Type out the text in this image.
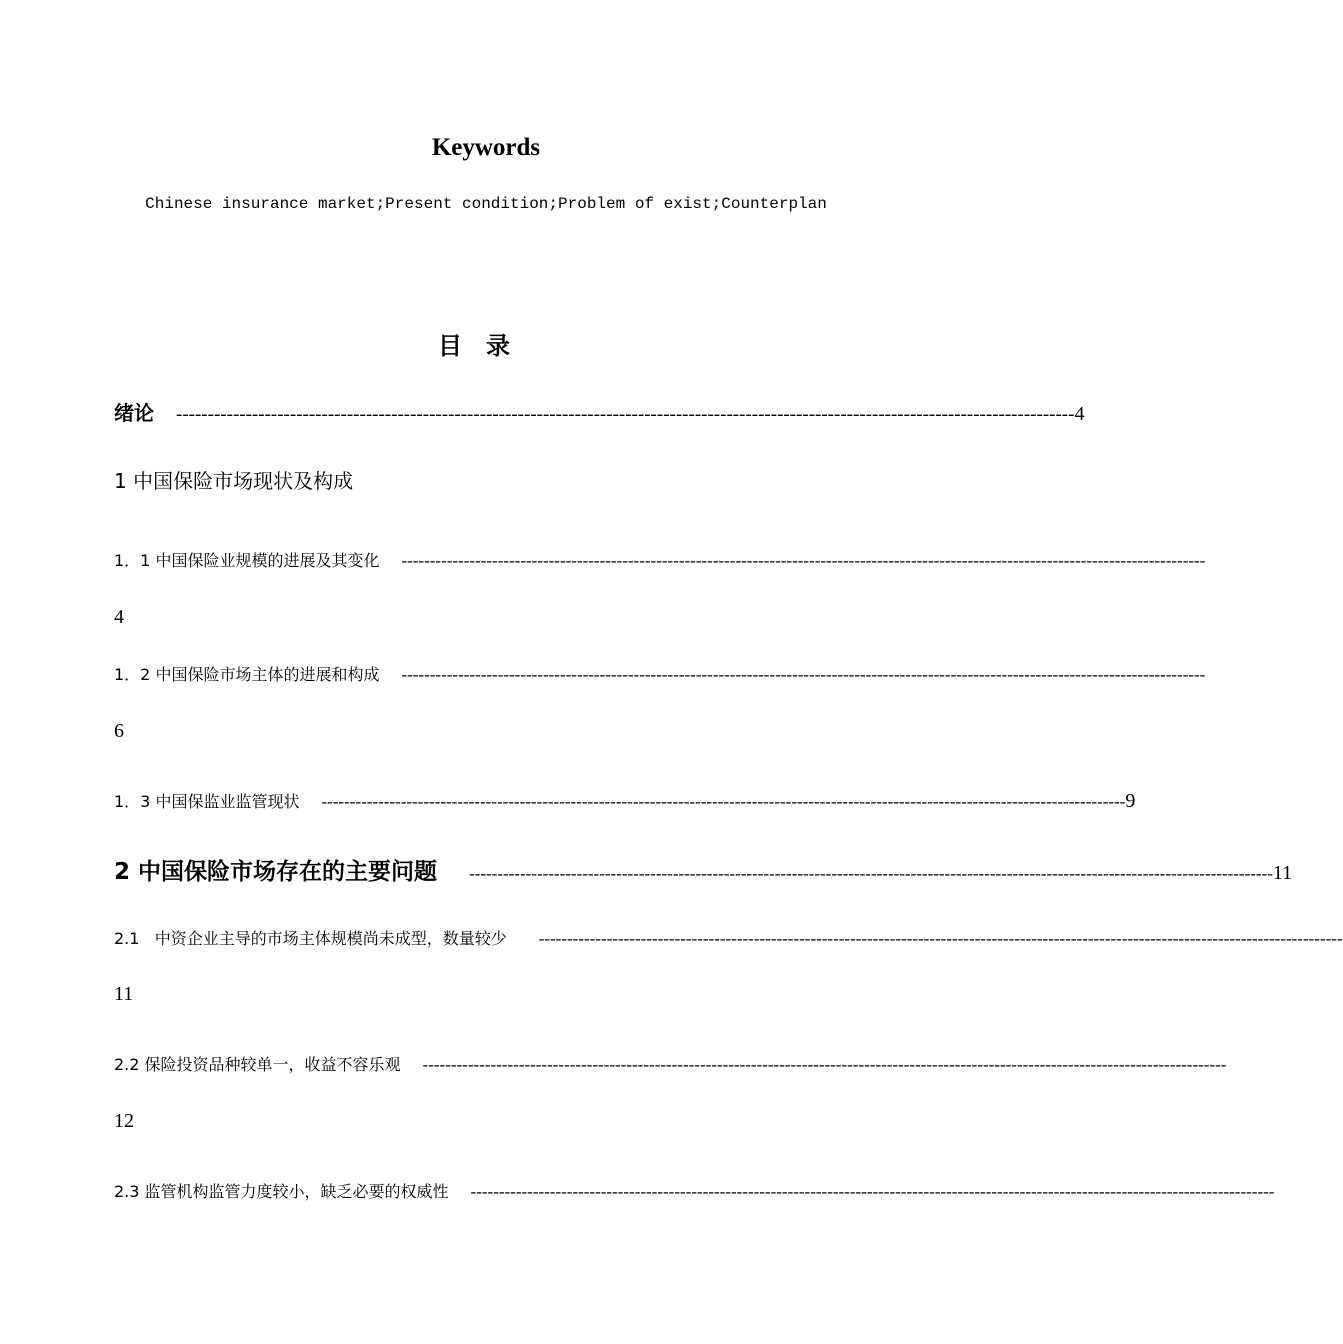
Keywords
Chinese insurance market;Present condition;Problem of exist;Counterplan
目录
绪论 ---------------------------------------------------------------------------------------------------------------------------------------------- 4
1 中国保险市场现状及构成
1．1 中国保险业规模的进展及其变化 ----------------------------------------------------------------------------------------------------------------------------------------------
4
1．2 中国保险市场主体的进展和构成 ----------------------------------------------------------------------------------------------------------------------------------------------
6
1．3 中国保监业监管现状 ---------------------------------------------------------------------------------------------------------------------------------------------- 9
2 中国保险市场存在的主要问题 ---------------------------------------------------------------------------------------------------------------------------------------------- 11
2.1   中资企业主导的市场主体规模尚未成型，数量较少 ----------------------------------------------------------------------------------------------------------------------------------------------
11
2.2 保险投资品种较单一，收益不容乐观 ----------------------------------------------------------------------------------------------------------------------------------------------
12
2.3 监管机构监管力度较小，缺乏必要的权威性 ----------------------------------------------------------------------------------------------------------------------------------------------
